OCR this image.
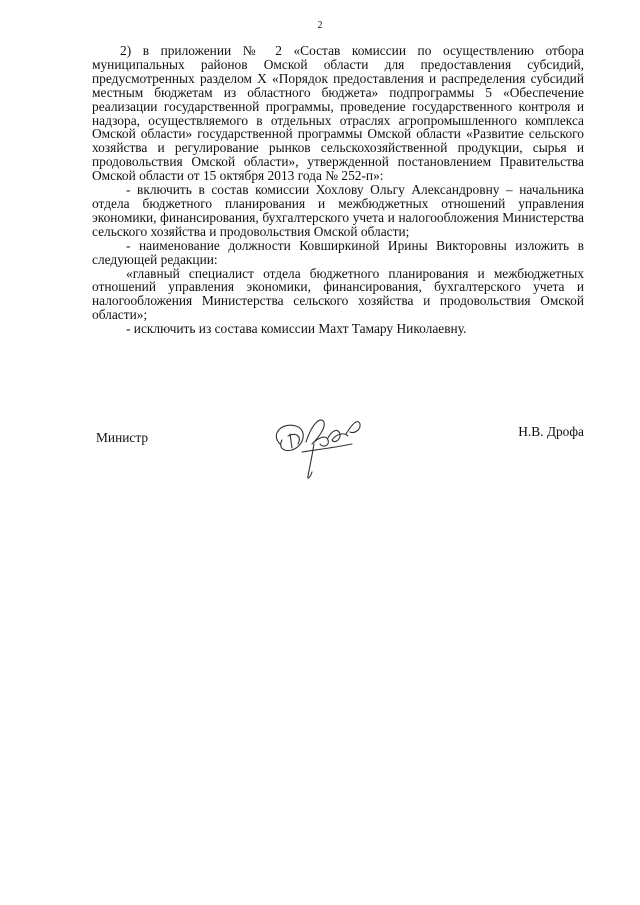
2

2) в приложении № 2 «Состав комиссии по осуществлению отбора муниципальных районов Омской области для предоставления субсидий, предусмотренных разделом X «Порядок предоставления и распределения субсидий местным бюджетам из областного бюджета» подпрограммы 5 «Обеспечение реализации государственной программы, проведение государственного контроля и надзора, осуществляемого в отдельных отраслях агропромышленного комплекса Омской области» государственной программы Омской области «Развитие сельского хозяйства и регулирование рынков сельскохозяйственной продукции, сырья и продовольствия Омской области», утвержденной постановлением Правительства Омской области от 15 октября 2013 года № 252-п»:

- включить в состав комиссии Хохлову Ольгу Александровну – начальника отдела бюджетного планирования и межбюджетных отношений управления экономики, финансирования, бухгалтерского учета и налогообложения Министерства сельского хозяйства и продовольствия Омской области;

- наименование должности Ковширкиной Ирины Викторовны изложить в следующей редакции:

«главный специалист отдела бюджетного планирования и межбюджетных отношений управления экономики, финансирования, бухгалтерского учета и налогообложения Министерства сельского хозяйства и продовольствия Омской области»;

- исключить из состава комиссии Махт Тамару Николаевну.

Министр	Н.В. Дрофа
